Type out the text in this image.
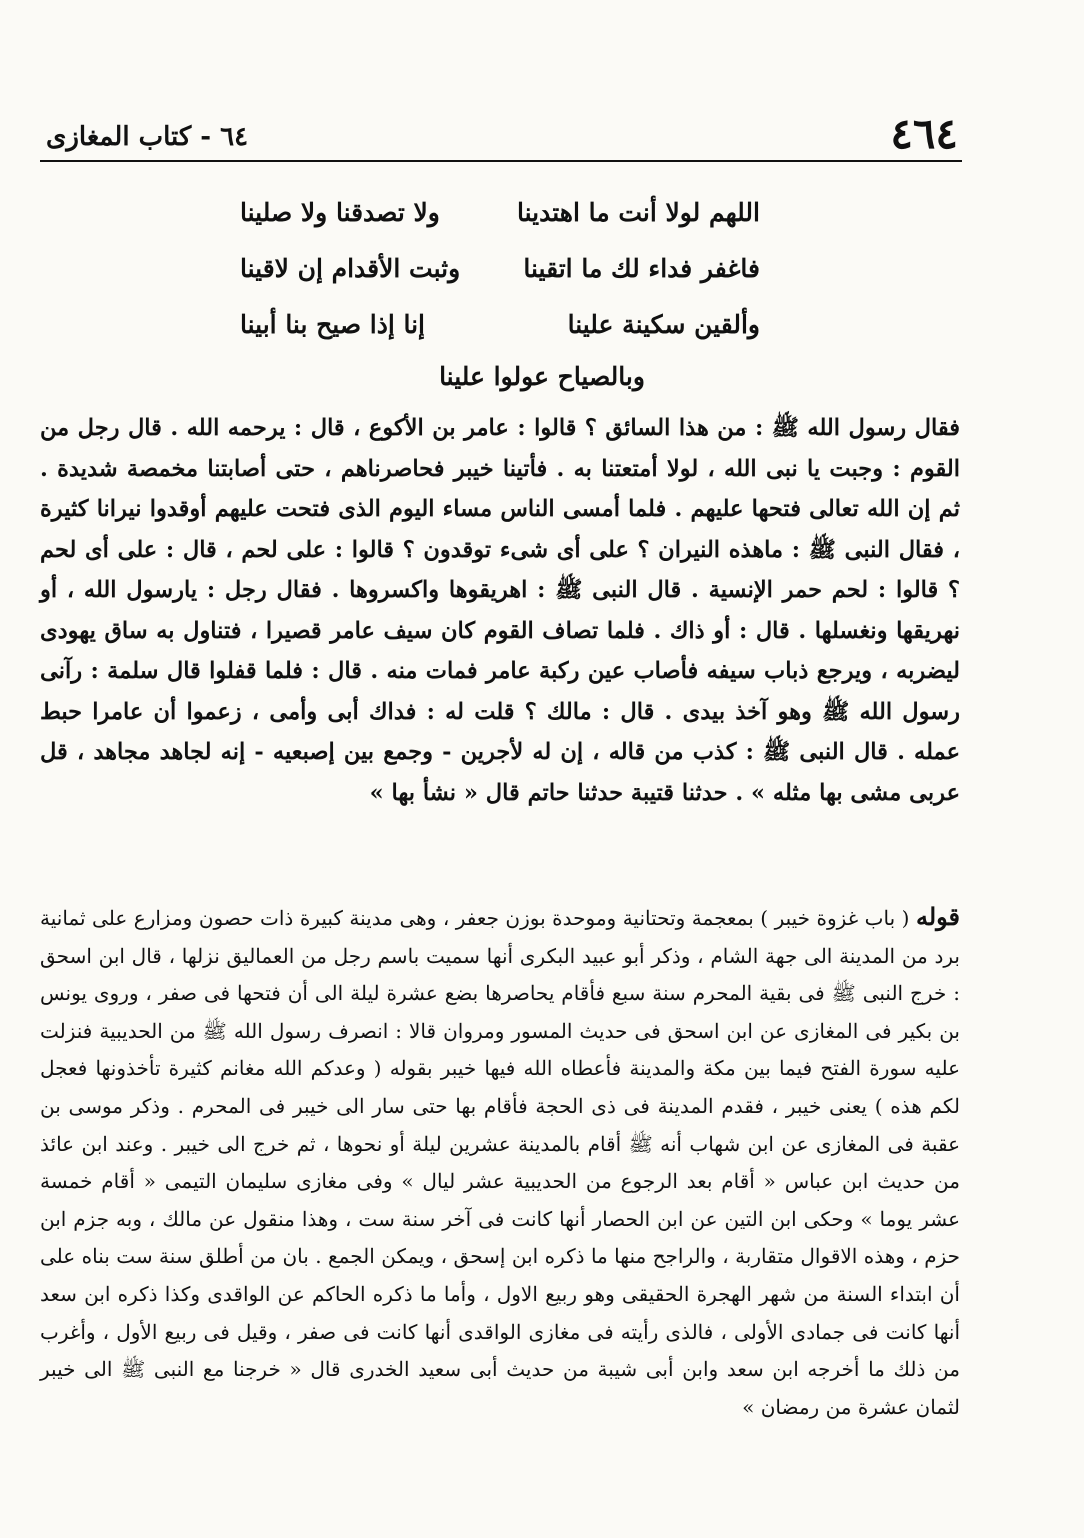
٤٦٤
٦٤ - كتاب المغازى
اللهم لولا أنت ما اهتدينا
ولا تصدقنا ولا صلينا
فاغفر فداء لك ما اتقينا
وثبت الأقدام إن لاقينا
وألقين سكينة علينا
إنا إذا صيح بنا أبينا
وبالصياح عولوا علينا

فقال رسول الله ﷺ : من هذا السائق ؟ قالوا : عامر بن الأكوع ، قال : يرحمه الله . قال رجل من القوم : وجبت يا نبى الله ، لولا أمتعتنا به . فأتينا خيبر فحاصرناهم ، حتى أصابتنا مخمصة شديدة . ثم إن الله تعالى فتحها عليهم . فلما أمسى الناس مساء اليوم الذى فتحت عليهم أوقدوا نيرانا كثيرة ، فقال النبى ﷺ : ماهذه النيران ؟ على أى شىء توقدون ؟ قالوا : على لحم ، قال : على أى لحم ؟ قالوا : لحم حمر الإنسية . قال النبى ﷺ : اهريقوها واكسروها . فقال رجل : يارسول الله ، أو نهريقها ونغسلها . قال : أو ذاك . فلما تصاف القوم كان سيف عامر قصيرا ، فتناول به ساق يهودى ليضربه ، ويرجع ذباب سيفه فأصاب عين ركبة عامر فمات منه . قال : فلما قفلوا قال سلمة : رآنى رسول الله ﷺ وهو آخذ بيدى . قال : مالك ؟ قلت له : فداك أبى وأمى ، زعموا أن عامرا حبط عمله . قال النبى ﷺ : كذب من قاله ، إن له لأجرين - وجمع بين إصبعيه - إنه لجاهد مجاهد ، قل عربى مشى بها مثله » . حدثنا قتيبة حدثنا حاتم قال « نشأ بها »

قوله ( باب غزوة خيبر ) بمعجمة وتحتانية وموحدة بوزن جعفر ، وهى مدينة كبيرة ذات حصون ومزارع على ثمانية برد من المدينة الى جهة الشام ، وذكر أبو عبيد البكرى أنها سميت باسم رجل من العماليق نزلها ، قال ابن اسحق : خرج النبى ﷺ فى بقية المحرم سنة سبع فأقام يحاصرها بضع عشرة ليلة الى أن فتحها فى صفر ، وروى يونس بن بكير فى المغازى عن ابن اسحق فى حديث المسور ومروان قالا : انصرف رسول الله ﷺ من الحديبية فنزلت عليه سورة الفتح فيما بين مكة والمدينة فأعطاه الله فيها خيبر بقوله ( وعدكم الله مغانم كثيرة تأخذونها فعجل لكم هذه ) يعنى خيبر ، فقدم المدينة فى ذى الحجة فأقام بها حتى سار الى خيبر فى المحرم . وذكر موسى بن عقبة فى المغازى عن ابن شهاب أنه ﷺ أقام بالمدينة عشرين ليلة أو نحوها ، ثم خرج الى خيبر . وعند ابن عائذ من حديث ابن عباس « أقام بعد الرجوع من الحديبية عشر ليال » وفى مغازى سليمان التيمى « أقام خمسة عشر يوما » وحكى ابن التين عن ابن الحصار أنها كانت فى آخر سنة ست ، وهذا منقول عن مالك ، وبه جزم ابن حزم ، وهذه الاقوال متقاربة ، والراجح منها ما ذكره ابن إسحق ، ويمكن الجمع . بان من أطلق سنة ست بناه على أن ابتداء السنة من شهر الهجرة الحقيقى وهو ربيع الاول ، وأما ما ذكره الحاكم عن الواقدى وكذا ذكره ابن سعد أنها كانت فى جمادى الأولى ، فالذى رأيته فى مغازى الواقدى أنها كانت فى صفر ، وقيل فى ربيع الأول ، وأغرب من ذلك ما أخرجه ابن سعد وابن أبى شيبة من حديث أبى سعيد الخدرى قال « خرجنا مع النبى ﷺ الى خيبر لثمان عشرة من رمضان »
